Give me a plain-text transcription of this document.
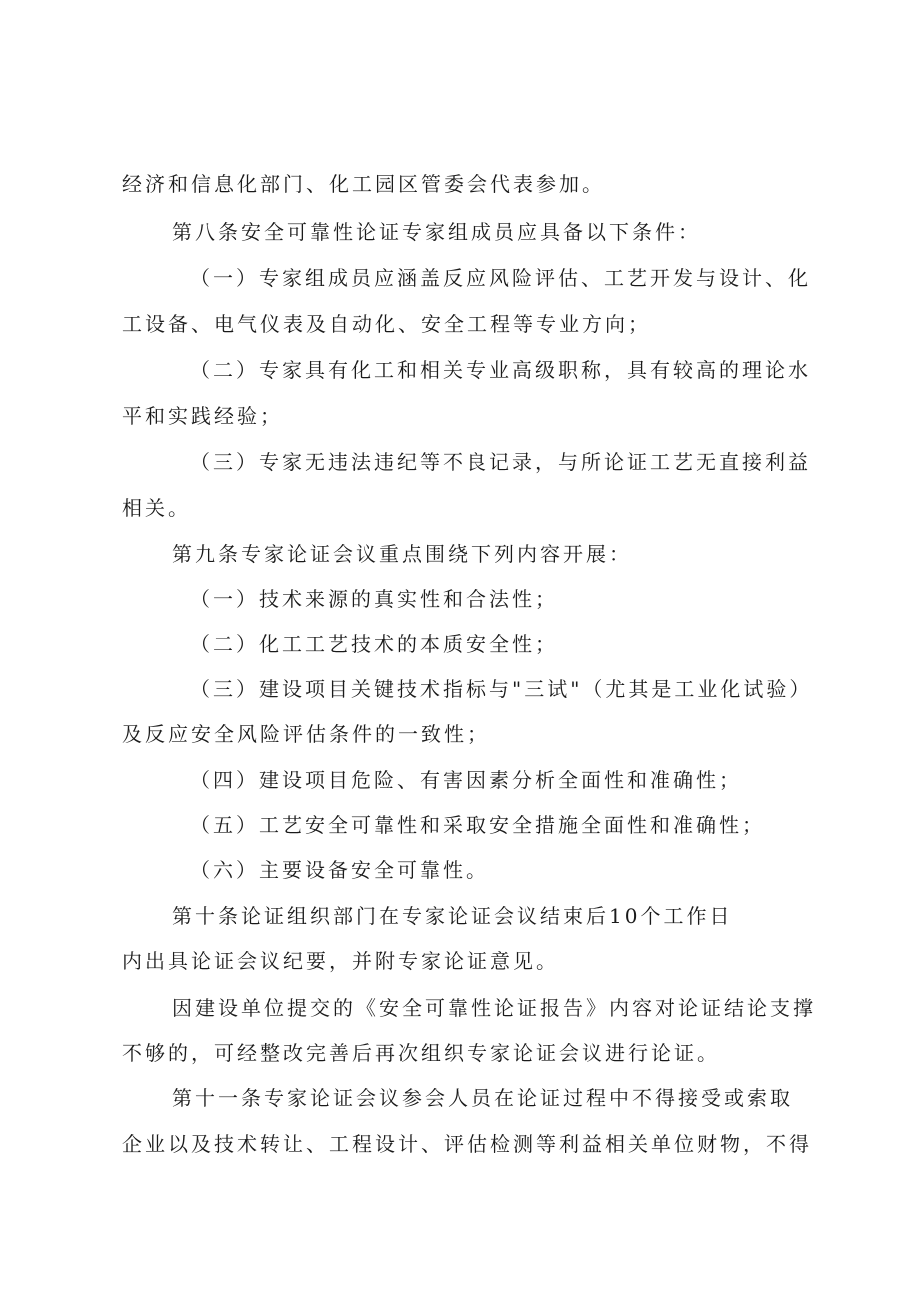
经济和信息化部门、化工园区管委会代表参加。
第八条安全可靠性论证专家组成员应具备以下条件：
（一）专家组成员应涵盖反应风险评估、工艺开发与设计、化
工设备、电气仪表及自动化、安全工程等专业方向；
（二）专家具有化工和相关专业高级职称，具有较高的理论水
平和实践经验；
（三）专家无违法违纪等不良记录，与所论证工艺无直接利益
相关。
第九条专家论证会议重点围绕下列内容开展：
（一）技术来源的真实性和合法性；
（二）化工工艺技术的本质安全性；
（三）建设项目关键技术指标与"三试"（尤其是工业化试验）
及反应安全风险评估条件的一致性；
（四）建设项目危险、有害因素分析全面性和准确性；
（五）工艺安全可靠性和采取安全措施全面性和准确性；
（六）主要设备安全可靠性。
第十条论证组织部门在专家论证会议结束后10个工作日
内出具论证会议纪要，并附专家论证意见。
因建设单位提交的《安全可靠性论证报告》内容对论证结论支撑
不够的，可经整改完善后再次组织专家论证会议进行论证。
第十一条专家论证会议参会人员在论证过程中不得接受或索取
企业以及技术转让、工程设计、评估检测等利益相关单位财物，不得
